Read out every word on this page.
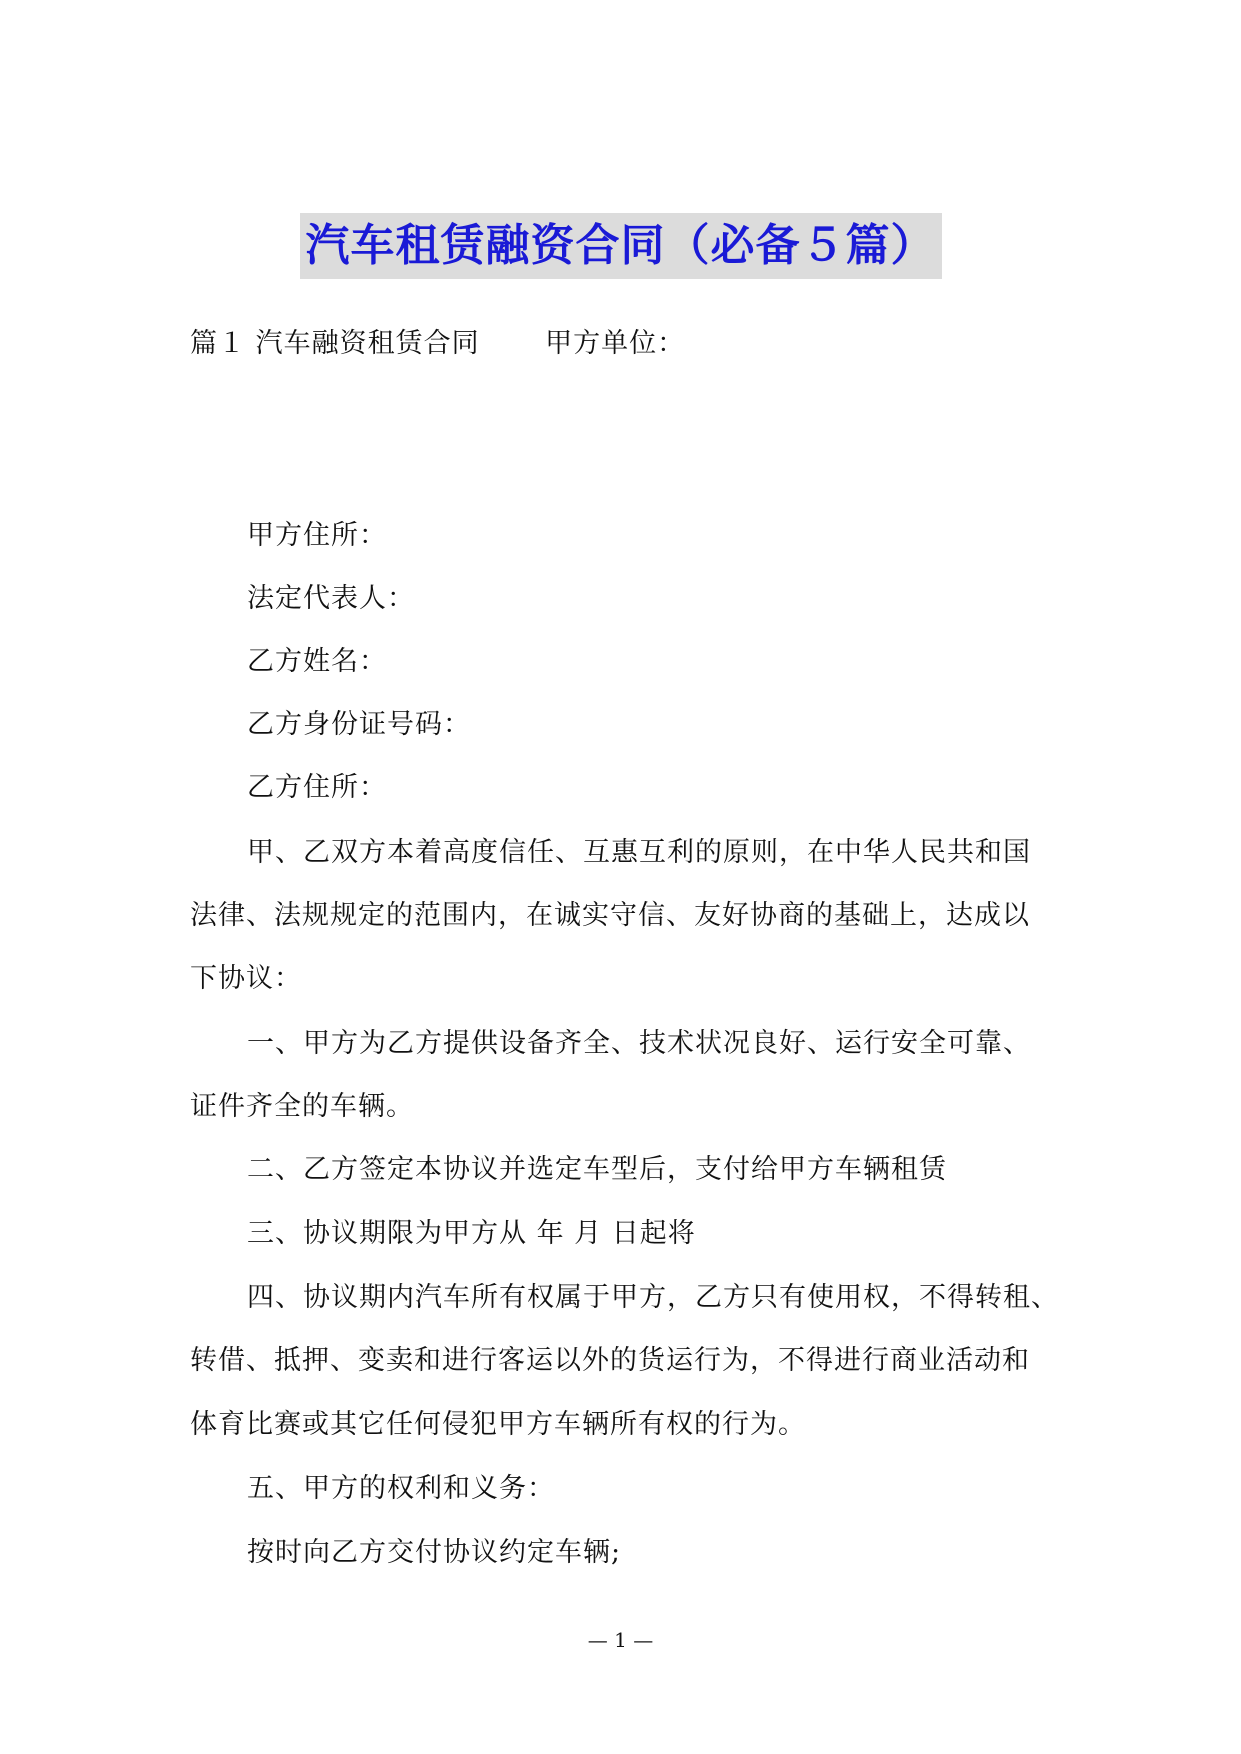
汽车租赁融资合同（必备５篇）
篇１ 汽车融资租赁合同　　 甲方单位：
甲方住所：
法定代表人：
乙方姓名：
乙方身份证号码：
乙方住所：
甲、乙双方本着高度信任、互惠互利的原则，在中华人民共和国
法律、法规规定的范围内，在诚实守信、友好协商的基础上，达成以
下协议：
一、甲方为乙方提供设备齐全、技术状况良好、运行安全可靠、
证件齐全的车辆。
二、乙方签定本协议并选定车型后，支付给甲方车辆租赁
三、协议期限为甲方从 年 月 日起将
四、协议期内汽车所有权属于甲方，乙方只有使用权，不得转租、
转借、抵押、变卖和进行客运以外的货运行为，不得进行商业活动和
体育比赛或其它任何侵犯甲方车辆所有权的行为。
五、甲方的权利和义务：
按时向乙方交付协议约定车辆;
— 1 —
